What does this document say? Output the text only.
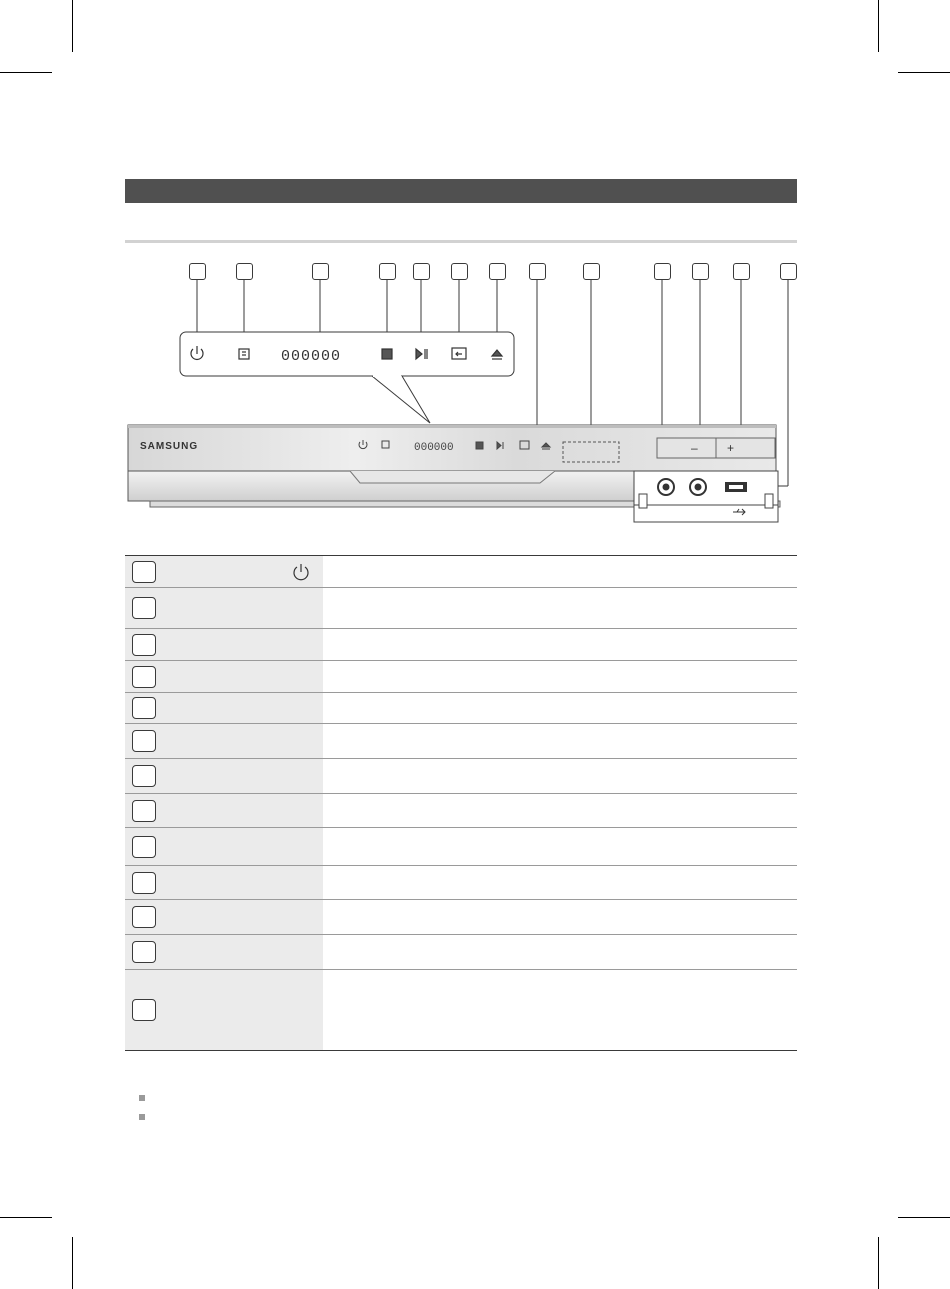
000000
SAMSUNG	000000	– +
